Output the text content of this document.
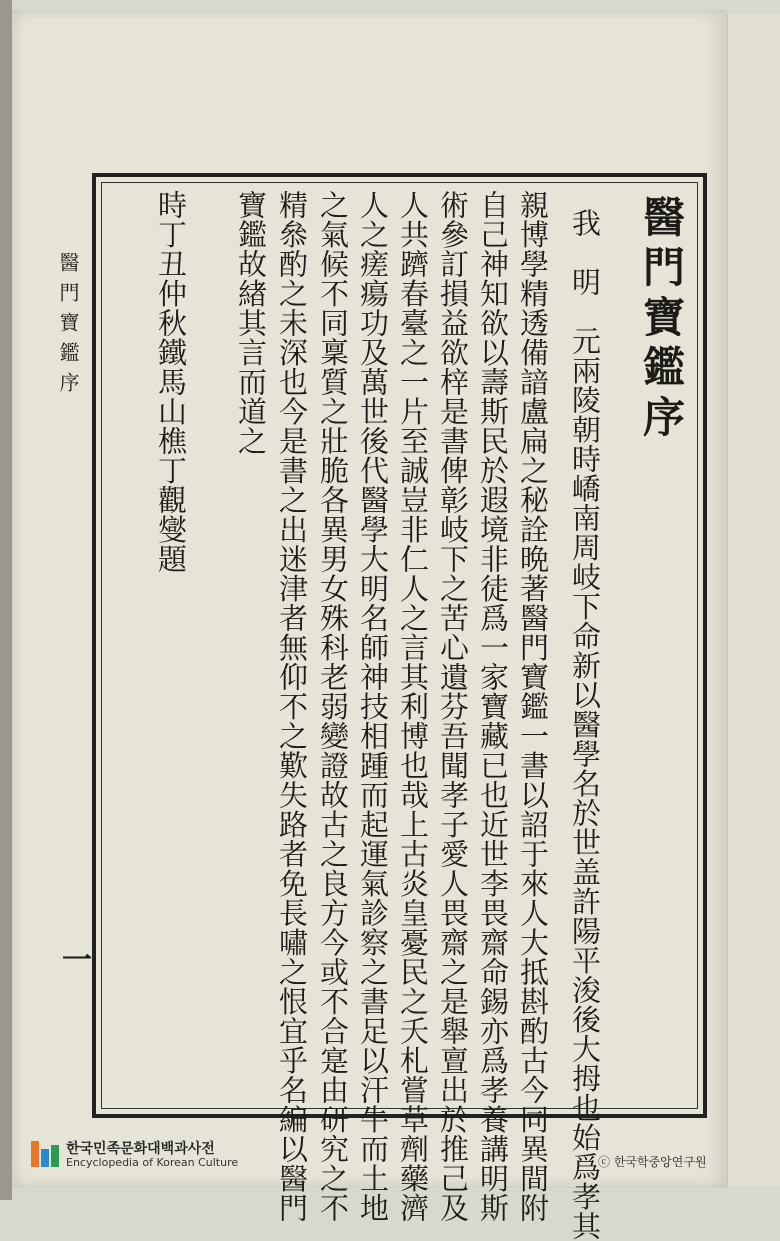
醫門寶鑑序
一
醫門寶鑑序
我　明　元兩陵朝時嶠南周岐下命新以醫學名於世盖許陽平浚後大拇也始爲孝其
親博學精透備諳盧扁之秘詮晩著醫門寶鑑一書以詔于來人大抵斟酌古今同異間附
自己神知欲以壽斯民於遐境非徒爲一家寶藏已也近世李畏齋命錫亦爲孝養講明斯
術參訂損益欲梓是書俾彰岐下之苦心遺芬吾聞孝子愛人畏齋之是舉亶出於推己及
人共躋春臺之一片至誠豈非仁人之言其利博也哉上古炎皇憂民之夭札嘗草劑藥濟
人之瘥瘍功及萬世後代醫學大明名師神技相踵而起運氣診察之書足以汗牛而土地
之氣候不同稟質之壯脆各異男女殊科老弱變證故古之良方今或不合寔由研究之不
精叅酌之未深也今是書之出迷津者無仰不之歎失路者免長嘯之恨宜乎名編以醫門
寶鑑故緖其言而道之
時丁丑仲秋鐵馬山樵丁觀燮題
한국민족문화대백과사전
Encyclopedia of Korean Culture	ⓒ 한국학중앙연구원
